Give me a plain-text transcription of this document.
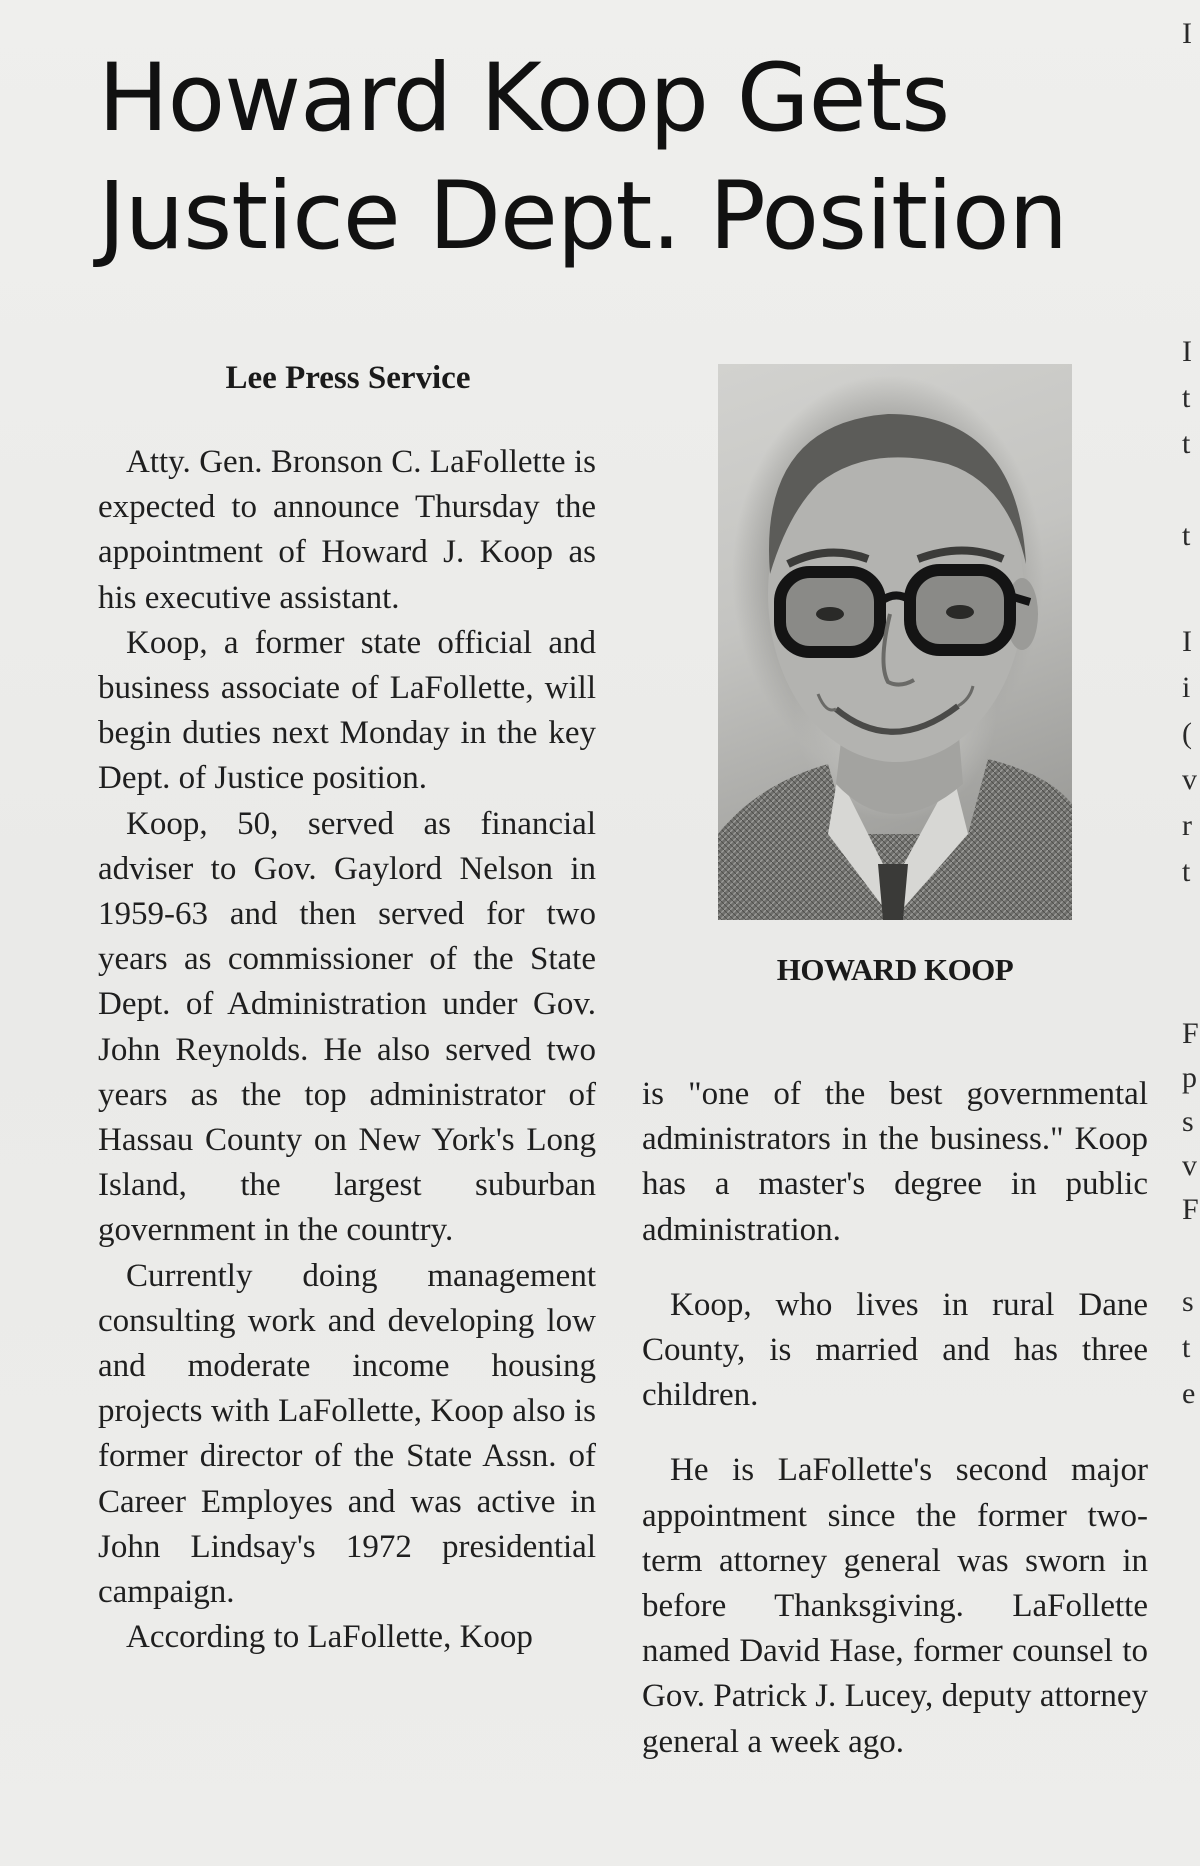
Howard Koop Gets
Justice Dept. Position

Lee Press Service

Atty. Gen. Bronson C. LaFollette is expected to announce Thursday the appointment of Howard J. Koop as his executive assistant.

Koop, a former state official and business associate of LaFollette, will begin duties next Monday in the key Dept. of Justice position.

Koop, 50, served as financial adviser to Gov. Gaylord Nelson in 1959-63 and then served for two years as commissioner of the State Dept. of Administration under Gov. John Reynolds. He also served two years as the top administrator of Hassau County on New York's Long Island, the largest suburban government in the country.

Currently doing management consulting work and developing low and moderate income housing projects with LaFollette, Koop also is former director of the State Assn. of Career Employes and was active in John Lindsay's 1972 presidential campaign.

According to LaFollette, Koop

HOWARD KOOP

is "one of the best governmental administrators in the business." Koop has a master's degree in public administration.

Koop, who lives in rural Dane County, is married and has three children.

He is LaFollette's second major appointment since the former two-term attorney general was sworn in before Thanksgiving. LaFollette named David Hase, former counsel to Gov. Patrick J. Lucey, deputy attorney general a week ago.

I
I
t
t
t
I
i
(
v
r
t
F
p
s
v
F
s
t
e
